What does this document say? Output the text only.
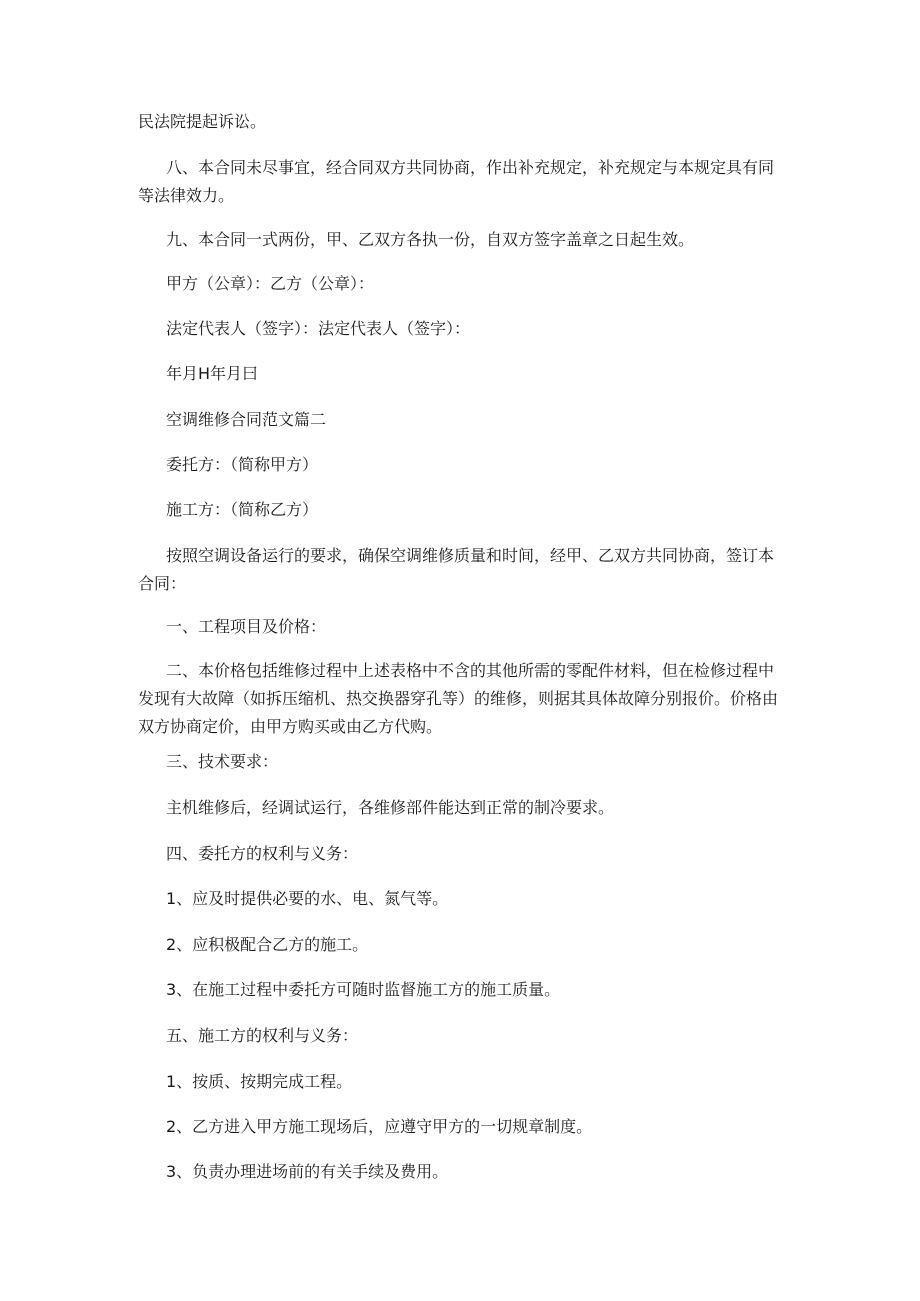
民法院提起诉讼。

八、本合同未尽事宜，经合同双方共同协商，作出补充规定，补充规定与本规定具有同等法律效力。

九、本合同一式两份，甲、乙双方各执一份，自双方签字盖章之日起生效。

甲方（公章）：乙方（公章）：

法定代表人（签字）：法定代表人（签字）：

年月H年月曰

空调维修合同范文篇二

委托方：（简称甲方）

施工方：（简称乙方）

按照空调设备运行的要求，确保空调维修质量和时间，经甲、乙双方共同协商，签订本合同：

一、工程项目及价格：

二、本价格包括维修过程中上述表格中不含的其他所需的零配件材料，但在检修过程中发现有大故障（如拆压缩机、热交换器穿孔等）的维修，则据其具体故障分别报价。价格由双方协商定价，由甲方购买或由乙方代购。

三、技术要求：

主机维修后，经调试运行，各维修部件能达到正常的制冷要求。

四、委托方的权利与义务：

1、应及时提供必要的水、电、氮气等。

2、应积极配合乙方的施工。

3、在施工过程中委托方可随时监督施工方的施工质量。

五、施工方的权利与义务：

1、按质、按期完成工程。

2、乙方进入甲方施工现场后，应遵守甲方的一切规章制度。

3、负责办理进场前的有关手续及费用。
